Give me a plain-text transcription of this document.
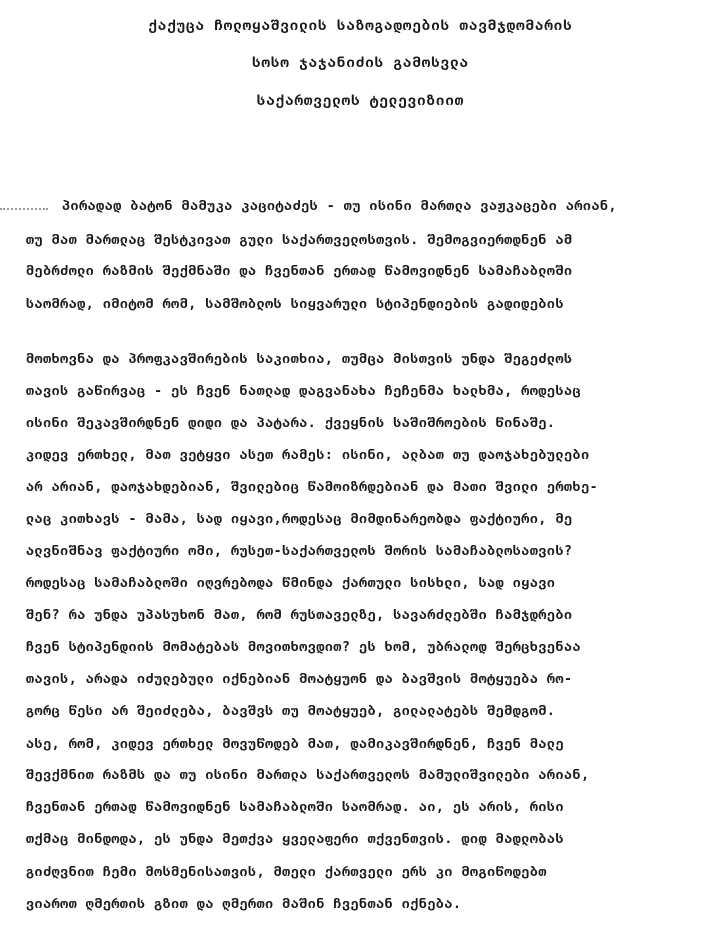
ქაქუცა ჩოლოყაშვილის საზოგადოების თავმჯდომარის
სოსო ჯაჯანიძის გამოსვლა
საქართველოს ტელევიზიით
პირადად ბატონ მამუკა კაციტაძეს - თუ ისინი მართლა ვაჟკაცები არიან,
თუ მათ მართლაც შესტკივათ გული საქართველოსთვის. შემოგვიერთდნენ ამ
მებრძოლი რაზმის შექმნაში და ჩვენთან ერთად წამოვიდნენ სამაჩაბლოში
საომრად, იმიტომ რომ, სამშობლოს სიყვარული სტიპენდიების გადიდების
მოთხოვნა და პროფკავშირების საკითხია, თუმცა მისთვის უნდა შეგეძლოს
თავის გაწირვაც - ეს ჩვენ ნათლად დაგვანახა ჩეჩენმა ხალხმა, როდესაც
ისინი შეკავშირდნენ დიდი და პატარა. ქვეყნის საშიშროების წინაშე.
კიდევ ერთხელ, მათ ვეტყვი ასეთ რამეს: ისინი, ალბათ თუ დაოჯახებულები
არ არიან, დაოჯახდებიან, შვილებიც წამოიზრდებიან და მათი შვილი ერთხე-
ლაც კითხავს - მამა, სად იყავი,როდესაც მიმდინარეობდა ფაქტიური, მე
ალვნიშნავ ფაქტიური ომი, რუსეთ-საქართველოს შორის სამაჩაბლოსათვის?
როდესაც სამაჩაბლოში იღვრებოდა წმინდა ქართული სისხლი, სად იყავი
შენ? რა უნდა უპასუხონ მათ, რომ რუსთაველზე, სავარძლებში ჩამჯდრები
ჩვენ სტიპენდიის მომატებას მოვითხოვდით? ეს ხომ, უბრალოდ შერცხვენაა
თავის, არადა იძულებული იქნებიან მოატყუონ და ბავშვის მოტყუება რო-
გორც წესი არ შეიძლება, ბავშვს თუ მოატყუებ, გილალატებს შემდგომ.
ასე, რომ, კიდევ ერთხელ მოვუწოდებ მათ, დამიკავშირდნენ, ჩვენ მალე
შევქმნით რაზმს და თუ ისინი მართლა საქართველოს მამულიშვილები არიან,
ჩვენთან ერთად წამოვიდნენ სამაჩაბლოში საომრად. აი, ეს არის, რისი
თქმაც მინდოდა, ეს უნდა მეთქვა ყველაფერი თქვენთვის. დიდ მადლობას
გიძღვნით ჩემი მოსმენისათვის, მთელი ქართველი ერს კი მოგიწოდებთ
ვიაროთ ღმერთის გზით და ღმერთი მაშინ ჩვენთან იქნება.
